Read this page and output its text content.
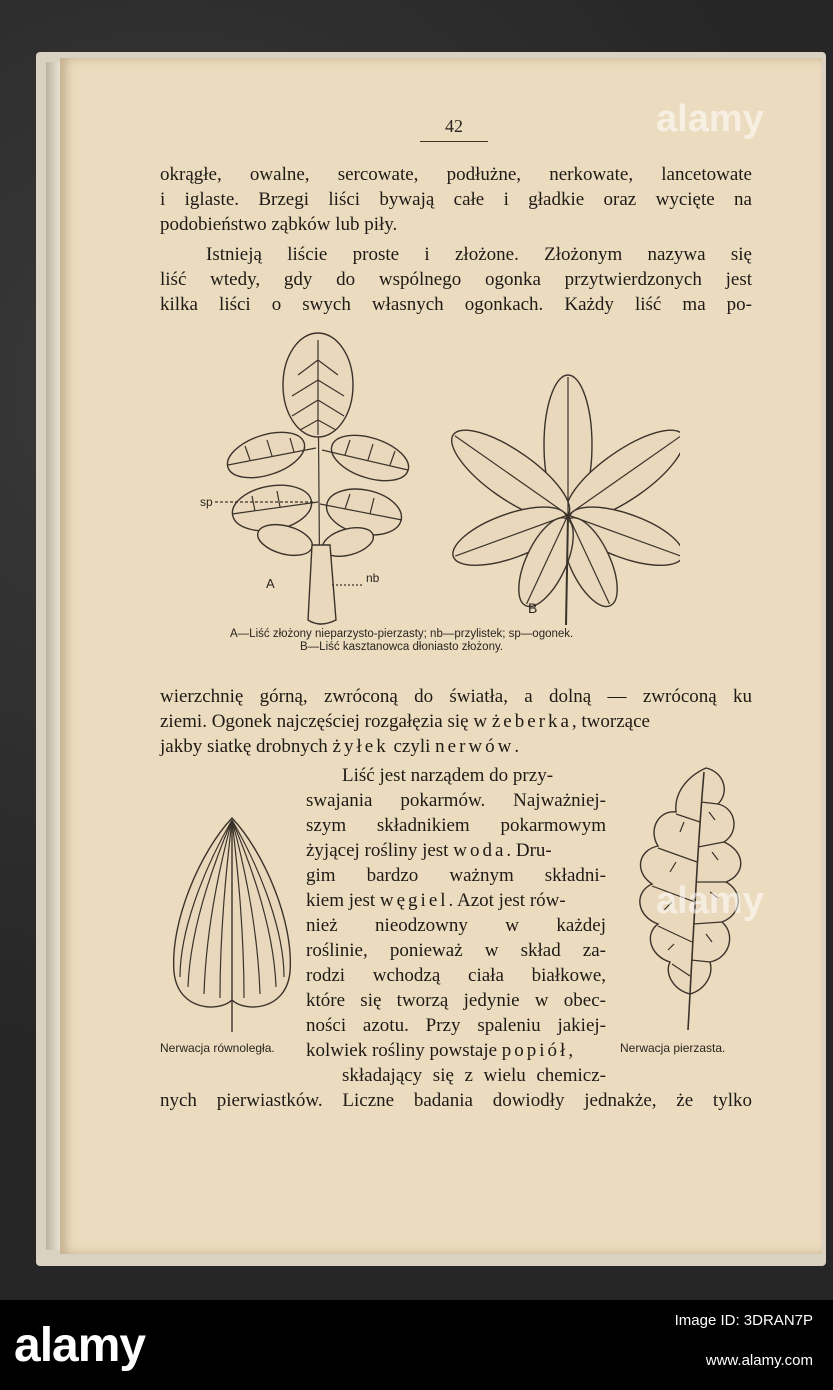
42
okrągłe, owalne, sercowate, podłużne, nerkowate, lancetowate
i iglaste. Brzegi liści bywają całe i gładkie oraz wycięte na
podobieństwo ząbków lub piły.
Istnieją liście proste i złożone. Złożonym nazywa się
liść wtedy, gdy do wspólnego ogonka przytwierdzonych jest
kilka liści o swych własnych ogonkach. Każdy liść ma po-
sp
nb
A
B
A—Liść złożony nieparzysto-pierzasty; nb—przylistek; sp—ogonek.
B—Liść kasztanowca dłoniasto złożony.
wierzchnię górną, zwróconą do światła, a dolną — zwróconą ku
ziemi. Ogonek najczęściej rozgałęzia się w żeberka, tworzące
jakby siatkę drobnych żyłek czyli nerwów.
Nerwacja równoległa.	Nerwacja pierzasta.
Liść jest narządem do przy-
swajania pokarmów. Najważniej-
szym składnikiem pokarmowym
żyjącej rośliny jest woda. Dru-
gim bardzo ważnym składni-
kiem jest węgiel. Azot jest rów-
nież nieodzowny w każdej
roślinie, ponieważ w skład za-
rodzi wchodzą ciała białkowe,
które się tworzą jedynie w obec-
ności azotu. Przy spaleniu jakiej-
kolwiek rośliny powstaje popiół,
składający się z wielu chemicz-
nych pierwiastków. Liczne badania dowiodły jednakże, że tylko
alamy
alamy
alamy	Image ID: 3DRAN7P
www.alamy.com
